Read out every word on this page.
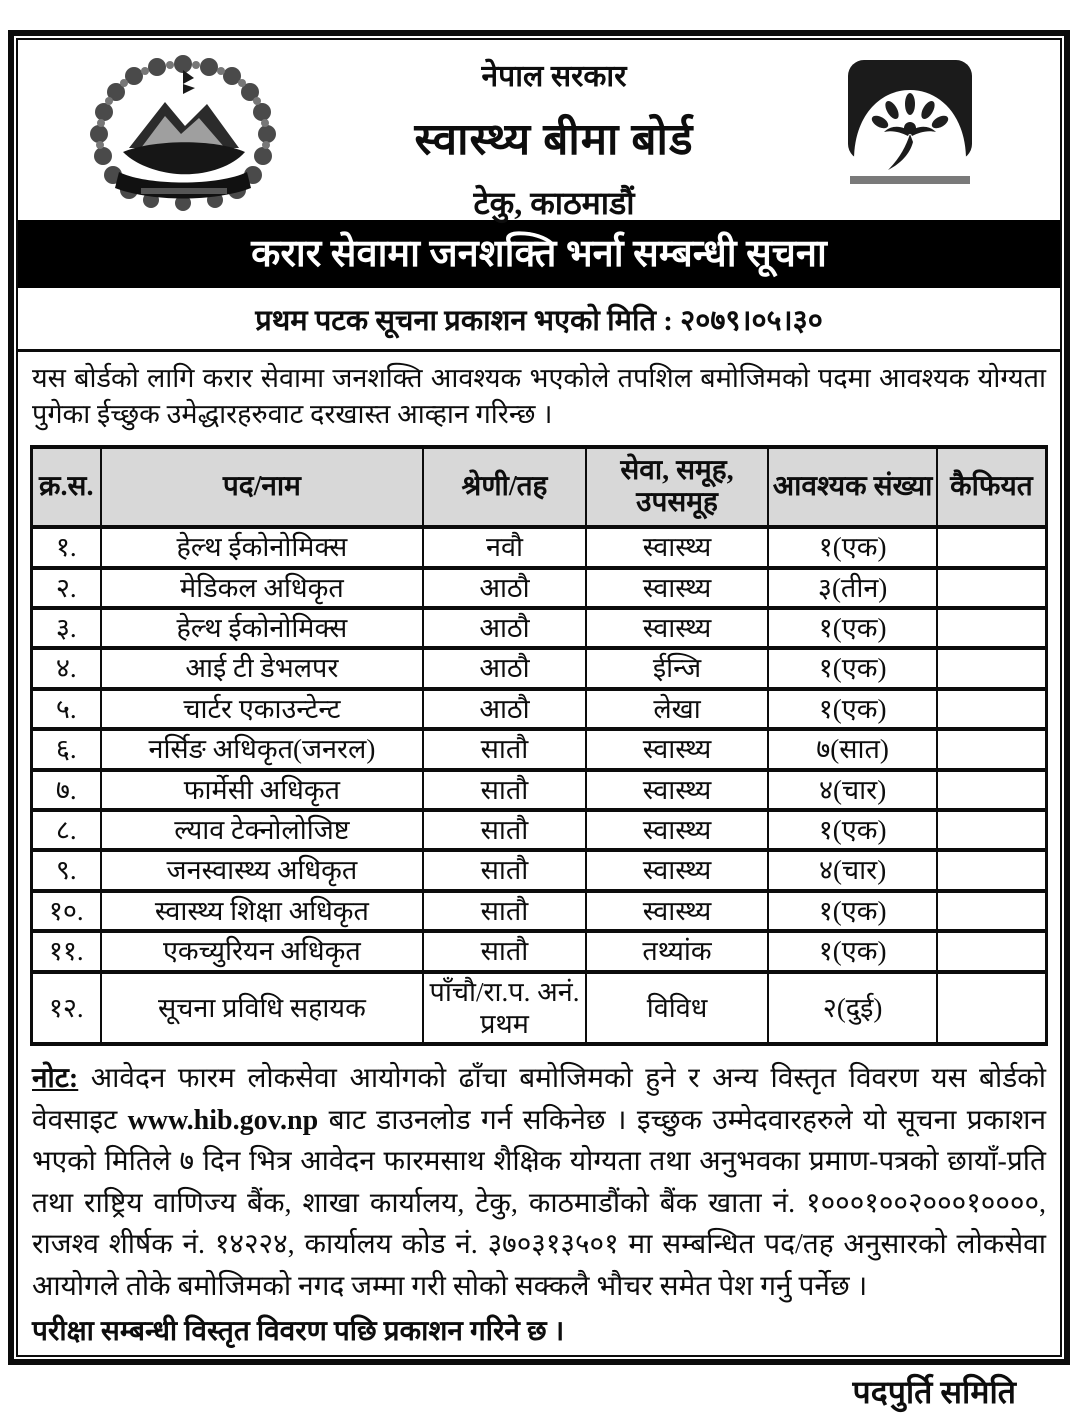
नेपाल सरकार
स्वास्थ्य बीमा बोर्ड
टेकु, काठमाडौं
करार सेवामा जनशक्ति भर्ना सम्बन्धी सूचना
प्रथम पटक सूचना प्रकाशन भएको मिति : २०७९।०५।३०

यस बोर्डको लागि करार सेवामा जनशक्ति आवश्यक भएकोले तपशिल बमोजिमको पदमा आवश्यक योग्यता पुगेका ईच्छुक उमेद्धारहरुवाट दरखास्त आव्हान गरिन्छ ।

क्र.स.	पद/नाम	श्रेणी/तह	सेवा, समूह, उपसमूह	आवश्यक संख्या	कैफियत
१.	हेल्थ ईकोनोमिक्स	नवौ	स्वास्थ्य	१(एक)	
२.	मेडिकल अधिकृत	आठौ	स्वास्थ्य	३(तीन)	
३.	हेल्थ ईकोनोमिक्स	आठौ	स्वास्थ्य	१(एक)	
४.	आई टी डेभलपर	आठौ	ईन्जि	१(एक)	
५.	चार्टर एकाउन्टेन्ट	आठौ	लेखा	१(एक)	
६.	नर्सिङ अधिकृत(जनरल)	सातौ	स्वास्थ्य	७(सात)	
७.	फार्मेसी अधिकृत	सातौ	स्वास्थ्य	४(चार)	
८.	ल्याव टेक्नोलोजिष्ट	सातौ	स्वास्थ्य	१(एक)	
९.	जनस्वास्थ्य अधिकृत	सातौ	स्वास्थ्य	४(चार)	
१०.	स्वास्थ्य शिक्षा अधिकृत	सातौ	स्वास्थ्य	१(एक)	
११.	एकच्युरियन अधिकृत	सातौ	तथ्यांक	१(एक)	
१२.	सूचना प्रविधि सहायक	पाँचौ/रा.प. अनं. प्रथम	विविध	२(दुई)	

नोट: आवेदन फारम लोकसेवा आयोगको ढाँचा बमोजिमको हुने र अन्य विस्तृत विवरण यस बोर्डको वेवसाइट www.hib.gov.np बाट डाउनलोड गर्न सकिनेछ । इच्छुक उम्मेदवारहरुले यो सूचना प्रकाशन भएको मितिले ७ दिन भित्र आवेदन फारमसाथ शैक्षिक योग्यता तथा अनुभवका प्रमाण-पत्रको छायाँ-प्रति तथा राष्ट्रिय वाणिज्य बैंक, शाखा कार्यालय, टेकु, काठमाडौंको बैंक खाता नं. १०००१००२०००१००००, राजश्व शीर्षक नं. १४२२४, कार्यालय कोड नं. ३७०३१३५०१ मा सम्बन्धित पद/तह अनुसारको लोकसेवा आयोगले तोके बमोजिमको नगद जम्मा गरी सोको सक्कलै भौचर समेत पेश गर्नु पर्नेछ ।

परीक्षा सम्बन्धी विस्तृत विवरण पछि प्रकाशन गरिने छ ।

पदपुर्ति समिति
